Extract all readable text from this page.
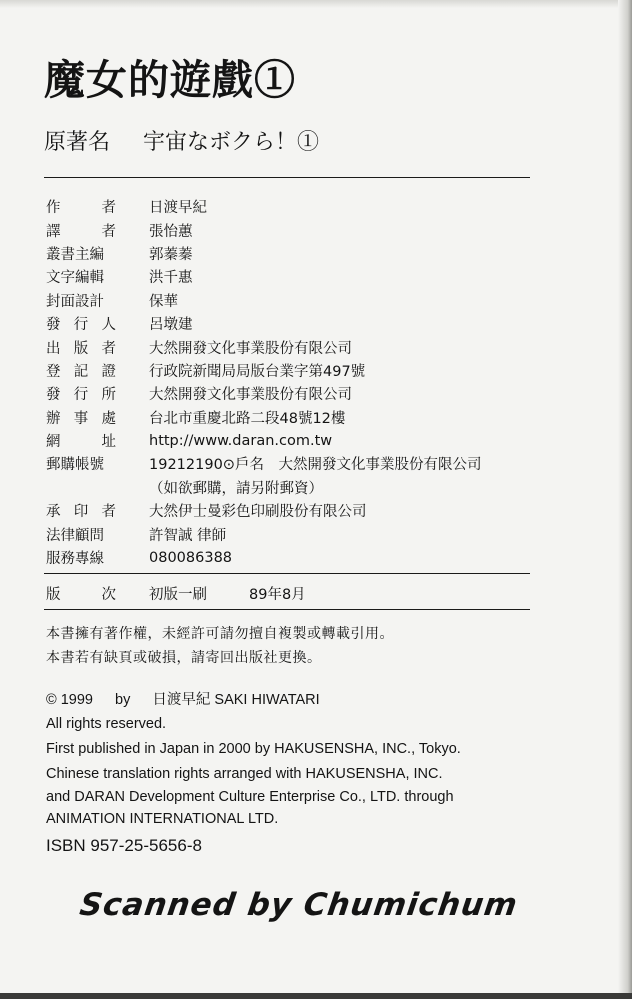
魔女的遊戲①
原著名 宇宙なボクら！①
作	者 日渡早紀
譯	者 張怡蕙
叢書主編	郭蓁蓁
文字編輯	洪千惠
封面設計	保華
發 行 人 呂墩建
出 版 者 大然開發文化事業股份有限公司
登 記 證 行政院新聞局局版台業字第497號
發 行 所 大然開發文化事業股份有限公司
辦 事 處 台北市重慶北路二段48號12樓
網	址 http://www.daran.com.tw
郵購帳號	19212190⊙戶名　大然開發文化事業股份有限公司
（如欲郵購，請另附郵資）
承 印 者 大然伊士曼彩色印刷股份有限公司
法律顧問	許智誠 律師
服務專線	080086388
版	次 初版一刷	89年8月
本書擁有著作權，未經許可請勿擅自複製或轉載引用。
本書若有缺頁或破損，請寄回出版社更換。
© 1999 by 日渡早紀 SAKI HIWATARI
All rights reserved.
First published in Japan in 2000 by HAKUSENSHA, INC., Tokyo.
Chinese translation rights arranged with HAKUSENSHA, INC.
and DARAN Development Culture Enterprise Co., LTD. through
ANIMATION INTERNATIONAL LTD.
ISBN 957-25-5656-8
Scanned by Chumichum
